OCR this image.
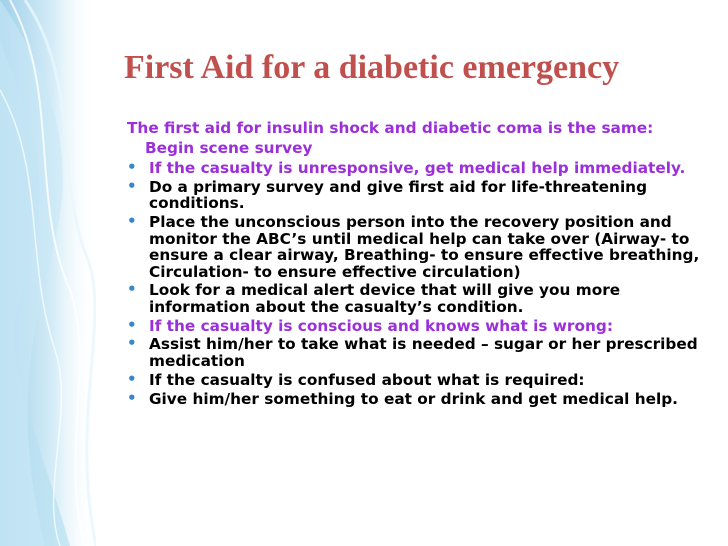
First Aid for a diabetic emergency
The first aid for insulin shock and diabetic coma is the same:
Begin scene survey
• If the casualty is unresponsive, get medical help immediately.
• Do a primary survey and give first aid for life-threatening conditions.
• Place the unconscious person into the recovery position and monitor the ABC’s until medical help can take over (Airway- to ensure a clear airway, Breathing- to ensure effective breathing, Circulation- to ensure effective circulation)
• Look for a medical alert device that will give you more information about the casualty’s condition.
• If the casualty is conscious and knows what is wrong:
• Assist him/her to take what is needed – sugar or her prescribed medication
• If the casualty is confused about what is required:
• Give him/her something to eat or drink and get medical help.
